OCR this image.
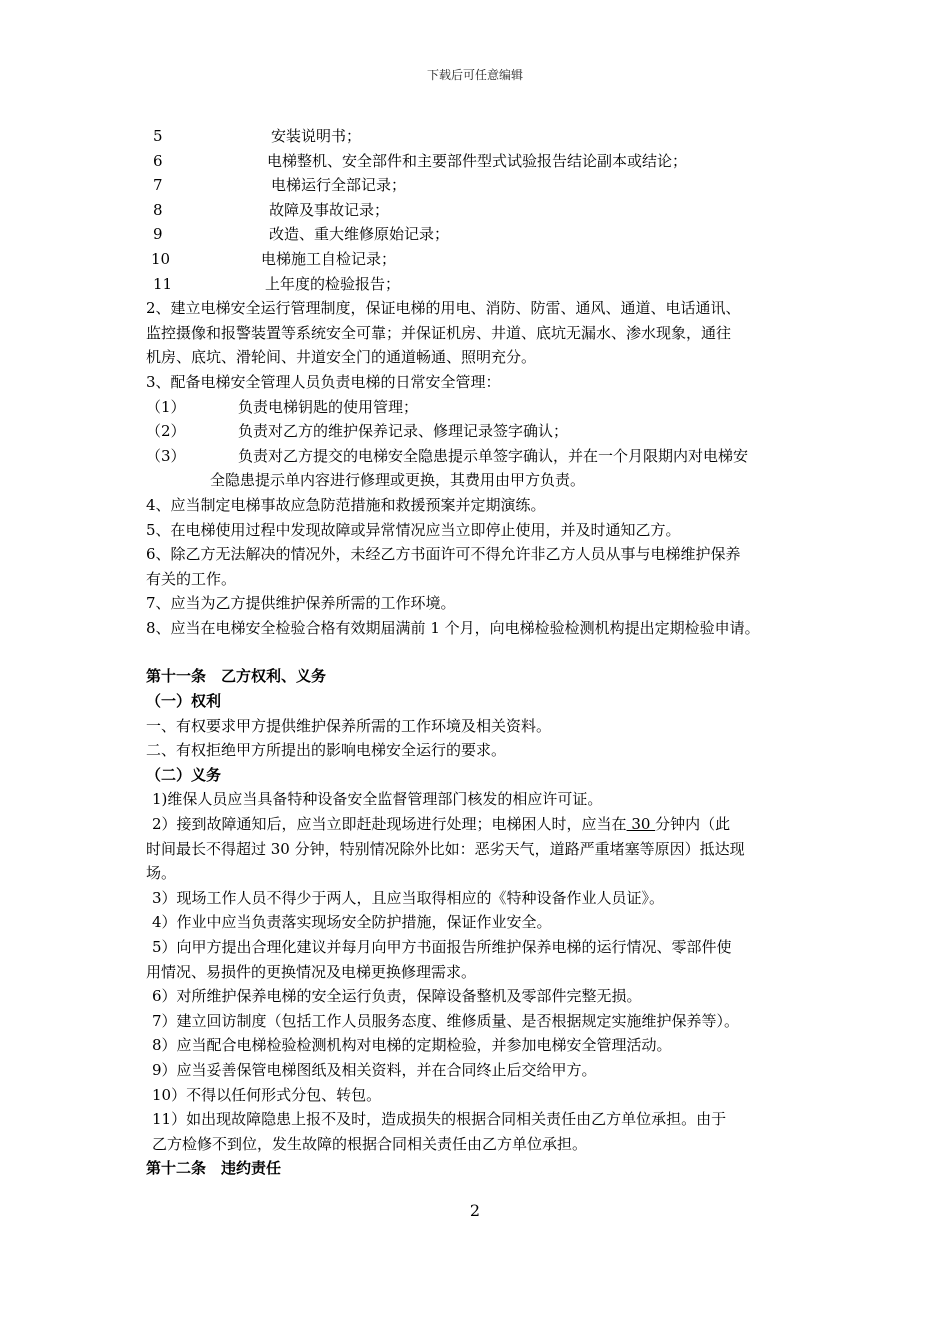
下载后可任意编辑
5	安装说明书；
6	电梯整机、安全部件和主要部件型式试验报告结论副本或结论；
7	电梯运行全部记录；
8	故障及事故记录；
9	改造、重大维修原始记录；
10	电梯施工自检记录；
11	上年度的检验报告；
2、建立电梯安全运行管理制度，保证电梯的用电、消防、防雷、通风、通道、电话通讯、
监控摄像和报警装置等系统安全可靠；并保证机房、井道、底坑无漏水、渗水现象，通往
机房、底坑、滑轮间、井道安全门的通道畅通、照明充分。
3、配备电梯安全管理人员负责电梯的日常安全管理：
（1）	负责电梯钥匙的使用管理；
（2）	负责对乙方的维护保养记录、修理记录签字确认；
（3）	负责对乙方提交的电梯安全隐患提示单签字确认，并在一个月限期内对电梯安
全隐患提示单内容进行修理或更换，其费用由甲方负责。
4、应当制定电梯事故应急防范措施和救援预案并定期演练。
5、在电梯使用过程中发现故障或异常情况应当立即停止使用，并及时通知乙方。
6、除乙方无法解决的情况外，未经乙方书面许可不得允许非乙方人员从事与电梯维护保养
有关的工作。
7、应当为乙方提供维护保养所需的工作环境。
8、应当在电梯安全检验合格有效期届满前 1 个月，向电梯检验检测机构提出定期检验申请。
第十一条　乙方权利、义务
（一）权利
一、有权要求甲方提供维护保养所需的工作环境及相关资料。
二、有权拒绝甲方所提出的影响电梯安全运行的要求。
（二）义务
1)维保人员应当具备特种设备安全监督管理部门核发的相应许可证。
2）接到故障通知后，应当立即赶赴现场进行处理；电梯困人时，应当在 30 分钟内（此
时间最长不得超过 30 分钟，特别情况除外比如：恶劣天气，道路严重堵塞等原因）抵达现
场。
3）现场工作人员不得少于两人，且应当取得相应的《特种设备作业人员证》。
4）作业中应当负责落实现场安全防护措施，保证作业安全。
5）向甲方提出合理化建议并每月向甲方书面报告所维护保养电梯的运行情况、零部件使
用情况、易损件的更换情况及电梯更换修理需求。
6）对所维护保养电梯的安全运行负责，保障设备整机及零部件完整无损。
7）建立回访制度（包括工作人员服务态度、维修质量、是否根据规定实施维护保养等）。
8）应当配合电梯检验检测机构对电梯的定期检验，并参加电梯安全管理活动。
9）应当妥善保管电梯图纸及相关资料，并在合同终止后交给甲方。
10）不得以任何形式分包、转包。
11）如出现故障隐患上报不及时，造成损失的根据合同相关责任由乙方单位承担。由于
乙方检修不到位，发生故障的根据合同相关责任由乙方单位承担。
第十二条　违约责任
2
